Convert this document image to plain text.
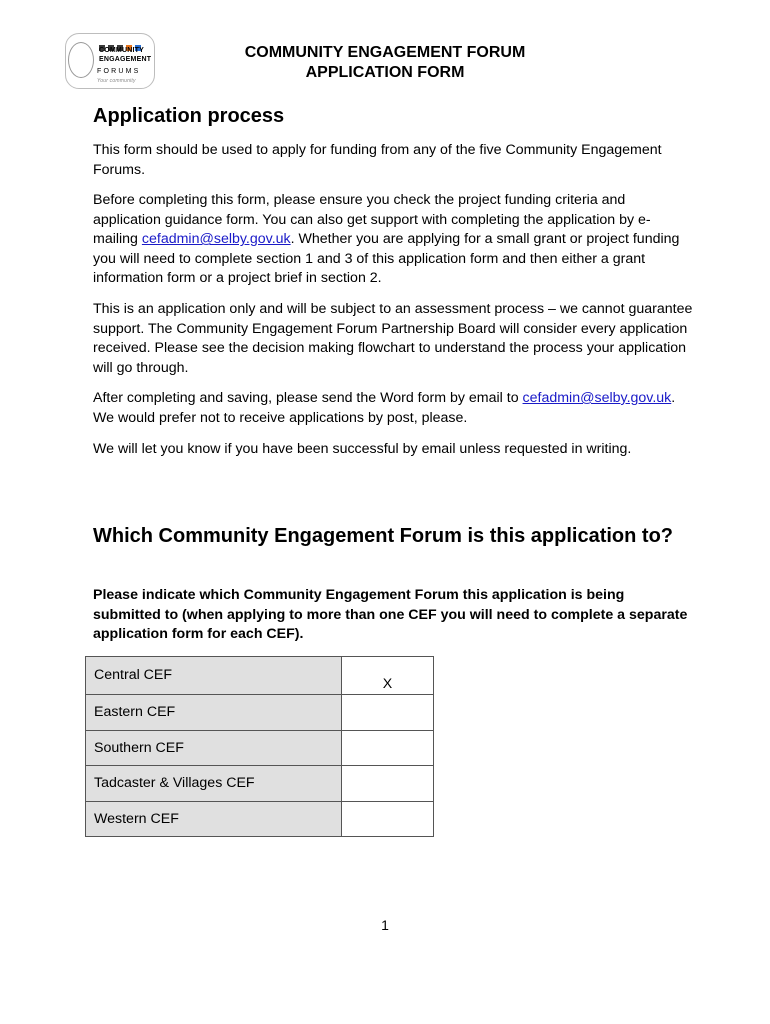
COMMUNITY
ENGAGEMENT
FORUMS
Your community
COMMUNITY ENGAGEMENT FORUM
APPLICATION FORM
Application process

This form should be used to apply for funding from any of the five Community Engagement Forums.

Before completing this form, please ensure you check the project funding criteria and application guidance form. You can also get support with completing the application by e-mailing cefadmin@selby.gov.uk. Whether you are applying for a small grant or project funding you will need to complete section 1 and 3 of this application form and then either a grant information form or a project brief in section 2.

This is an application only and will be subject to an assessment process – we cannot guarantee support. The Community Engagement Forum Partnership Board will consider every application received. Please see the decision making flowchart to understand the process your application will go through.

After completing and saving, please send the Word form by email to cefadmin@selby.gov.uk. We would prefer not to receive applications by post, please.

We will let you know if you have been successful by email unless requested in writing.

Which Community Engagement Forum is this application to?

Please indicate which Community Engagement Forum this application is being submitted to (when applying to more than one CEF you will need to complete a separate application form for each CEF).

Central CEF	X
Eastern CEF	
Southern CEF	
Tadcaster & Villages CEF	
Western CEF	
1
